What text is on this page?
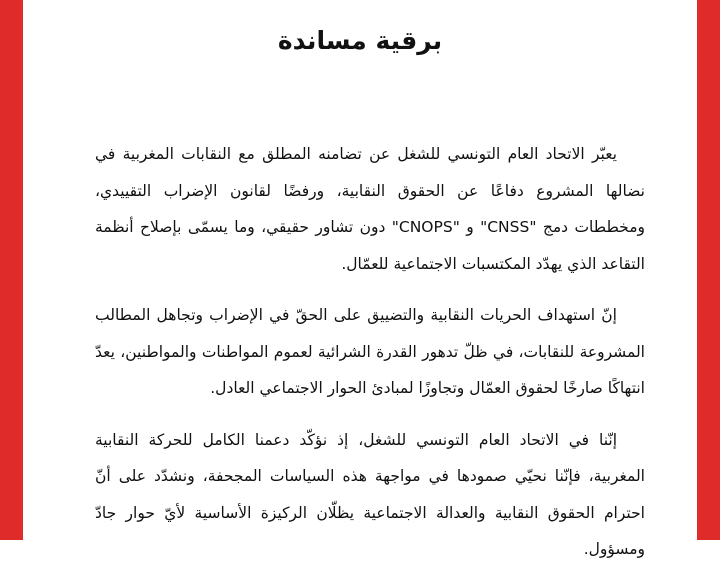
برقية مساندة

يعبّر الاتحاد العام التونسي للشغل عن تضامنه المطلق مع النقابات المغربية في نضالها المشروع دفاعًا عن الحقوق النقابية، ورفضًا لقانون الإضراب التقييدي، ومخططات دمج "CNSS" و "CNOPS" دون تشاور حقيقي، وما يسمّى بإصلاح أنظمة التقاعد الذي يهدّد المكتسبات الاجتماعية للعمّال.

إنّ استهداف الحريات النقابية والتضييق على الحقّ في الإضراب وتجاهل المطالب المشروعة للنقابات، في ظلّ تدهور القدرة الشرائية لعموم المواطنات والمواطنين، يعدّ انتهاكًا صارخًا لحقوق العمّال وتجاوزًا لمبادئ الحوار الاجتماعي العادل.

إنّنا في الاتحاد العام التونسي للشغل، إذ نؤكّد دعمنا الكامل للحركة النقابية المغربية، فإنّنا نحيّي صمودها في مواجهة هذه السياسات المجحفة، ونشدّد على أنّ احترام الحقوق النقابية والعدالة الاجتماعية يظلّان الركيزة الأساسية لأيّ حوار جادّ ومسؤول.
